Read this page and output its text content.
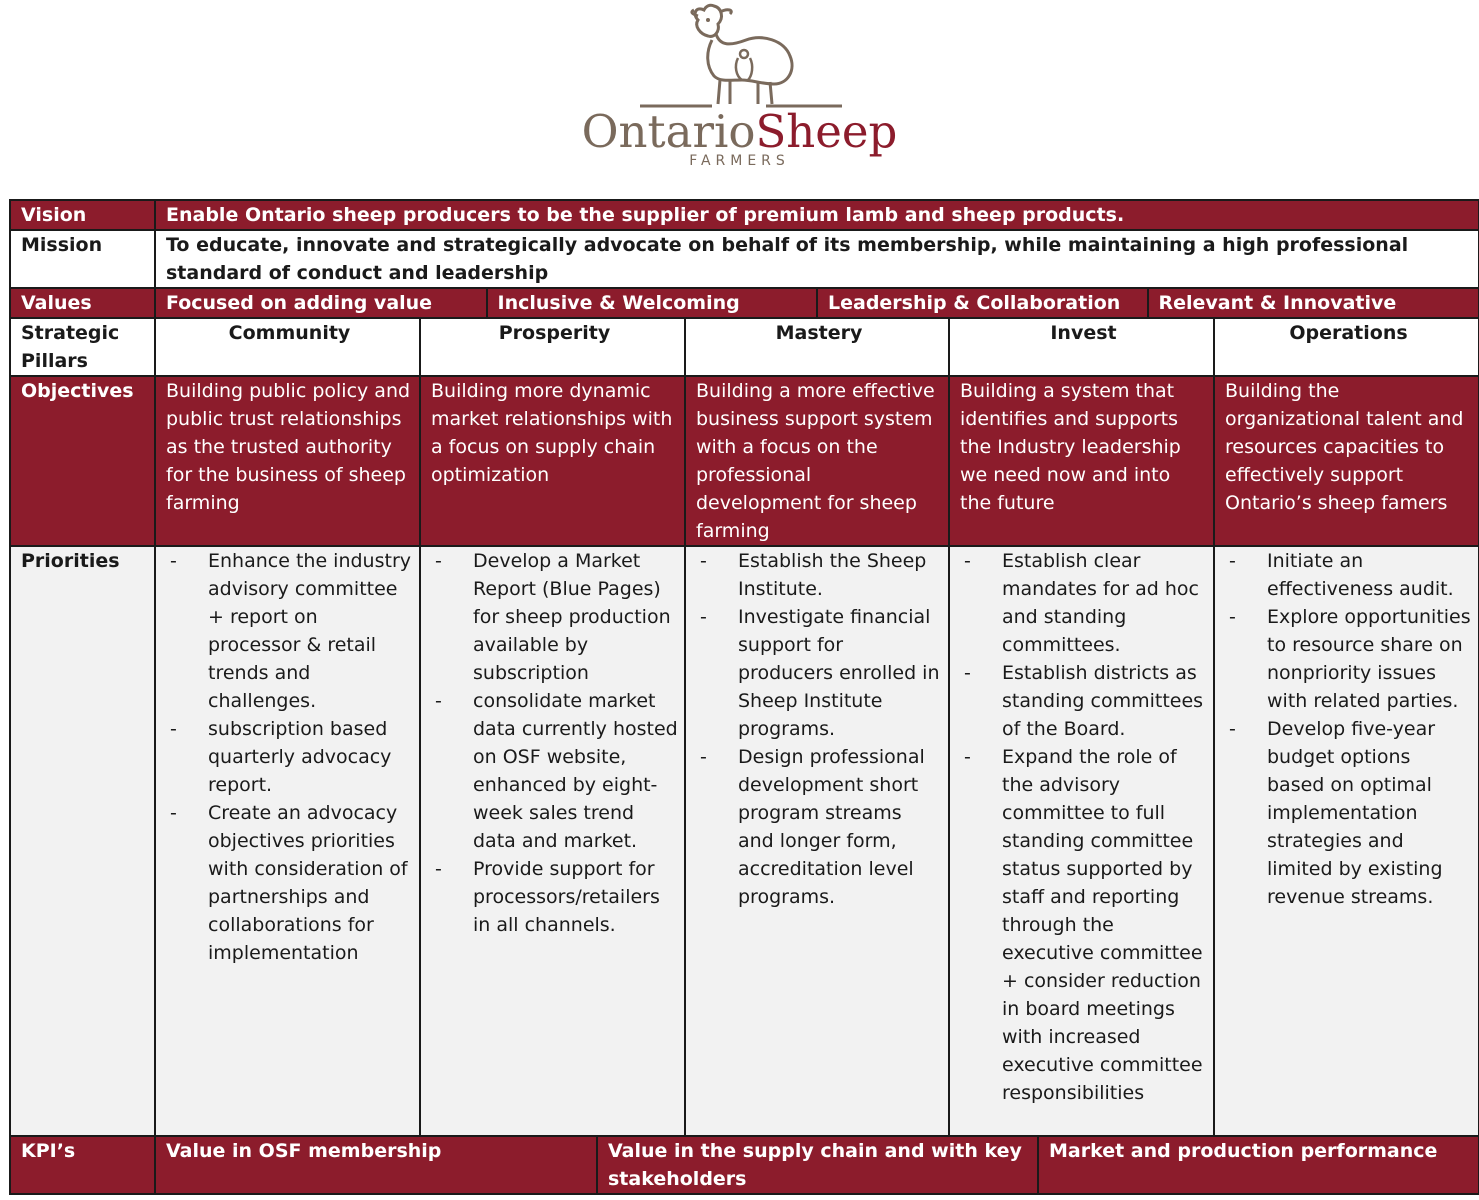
OntarioSheep
FARMERS
Vision	Enable Ontario sheep producers to be the supplier of premium lamb and sheep products.
Mission	To educate, innovate and strategically advocate on behalf of its membership, while maintaining a high professional standard of conduct and leadership
Values		Focused on adding value	Inclusive & Welcoming	Leadership & Collaboration	Relevant & Innovative

Strategic Pillars	Community	Prosperity	Mastery	Invest	Operations
Objectives	Building public policy and public trust relationships as the trusted authority for the business of sheep farming	Building more dynamic market relationships with a focus on supply chain optimization	Building a more effective business support system with a focus on the professional development for sheep farming	Building a system that identifies and supports the Industry leadership we need now and into the future	Building the organizational talent and resources capacities to effectively support Ontario’s sheep famers
Priorities	
-Enhance the industry advisory committee + report on processor & retail trends and challenges.
- subscription based quarterly advocacy report.
- Create an advocacy objectives priorities with consideration of partnerships and collaborations for implementation

- Develop a Market Report (Blue Pages) for sheep production available by subscription
- consolidate market data currently hosted on OSF website, enhanced by eight-week sales trend data and market.
- Provide support for processors/retailers in all channels.

- Establish the Sheep Institute.
- Investigate financial support for producers enrolled in Sheep Institute programs.
- Design professional development short program streams and longer form, accreditation level programs.

- Establish clear mandates for ad hoc and standing committees.
- Establish districts as standing committees of the Board.
- Expand the role of the advisory committee to full standing committee status supported by staff and reporting through the executive committee + consider reduction in board meetings with increased executive committee responsibilities

- Initiate an effectiveness audit.
- Explore opportunities to resource share on nonpriority issues with related parties.
- Develop five-year budget options based on optimal implementation strategies and limited by existing revenue streams.

KPI’s		Value in OSF membership	Value in the supply chain and with key stakeholders	Market and production performance
